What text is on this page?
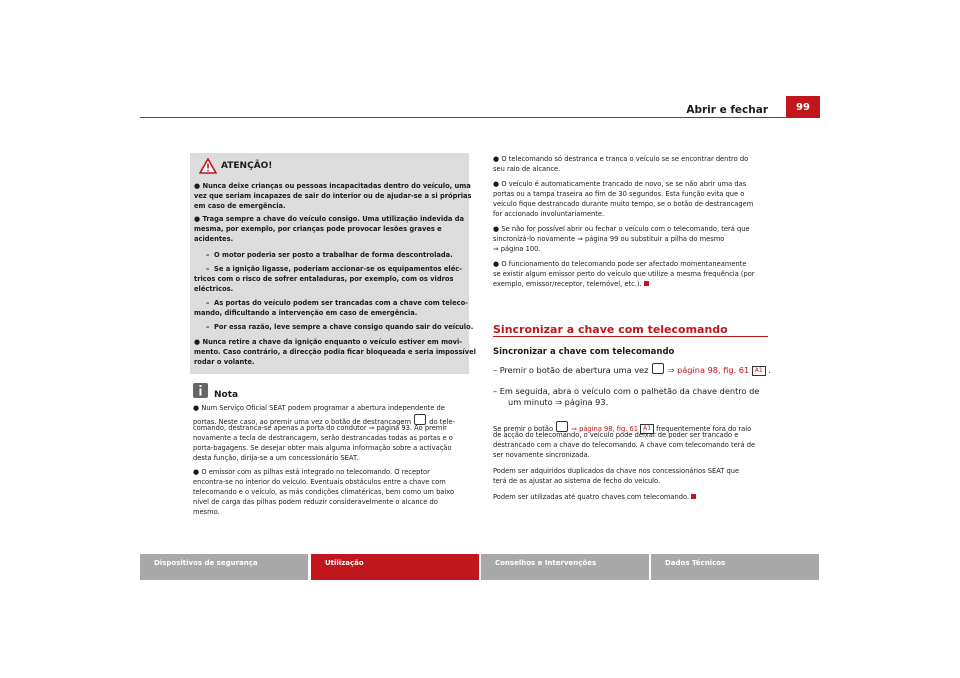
Abrir e fechar	99
ATENÇÃO!
● Nunca deixe crianças ou pessoas incapacitadas dentro do veículo, uma
vez que seriam incapazes de sair do interior ou de ajudar-se a si próprias
em caso de emergência.
● Traga sempre a chave do veículo consigo. Uma utilização indevida da
mesma, por exemplo, por crianças pode provocar lesões graves e
acidentes.
–  O motor poderia ser posto a trabalhar de forma descontrolada.
–  Se a ignição ligasse, poderiam accionar-se os equipamentos eléc-
tricos com o risco de sofrer entaladuras, por exemplo, com os vidros
eléctricos.
–  As portas do veículo podem ser trancadas com a chave com teleco-
mando, dificultando a intervenção em caso de emergência.
–  Por essa razão, leve sempre a chave consigo quando sair do veículo.
● Nunca retire a chave da ignição enquanto o veículo estiver em movi-
mento. Caso contrário, a direcção podia ficar bloqueada e seria impossível
rodar o volante.
Nota
● Num Serviço Oficial SEAT podem programar a abertura independente de
portas. Neste caso, ao premir uma vez o botão de destrancagem	do tele-
comando, destranca-se apenas a porta do condutor ⇒ página 93. Ao premir
novamente a tecla de destrancagem, serão destrancadas todas as portas e o
porta-bagagens. Se desejar obter mais alguma informação sobre a activação
desta função, dirija-se a um concessionário SEAT.
● O emissor com as pilhas está integrado no telecomando. O receptor
encontra-se no interior do veículo. Eventuais obstáculos entre a chave com
telecomando e o veículo, as más condições climatéricas, bem como um baixo
nível de carga das pilhas podem reduzir consideravelmente o alcance do
mesmo.
● O telecomando só destranca e tranca o veículo se se encontrar dentro do
seu raio de alcance.
● O veículo é automaticamente trancado de novo, se se não abrir uma das
portas ou a tampa traseira ao fim de 30 segundos. Esta função evita que o
veículo fique destrancado durante muito tempo, se o botão de destrancagem
for accionado involuntariamente.
● Se não for possível abrir ou fechar o veículo com o telecomando, terá que
sincronizá-lo novamente ⇒ página 99 ou substituir a pilha do mesmo
⇒ página 100.
● O funcionamento do telecomando pode ser afectado momentaneamente
se existir algum emissor perto do veículo que utilize a mesma frequência (por
exemplo, emissor/receptor, telemóvel, etc.).
Sincronizar a chave com telecomando
Sincronizar a chave com telecomando
– Premir o botão de abertura uma vez ⇒ página 98, fig. 61 A1 .
– Em seguida, abra o veículo com o palhetão da chave dentro de
um minuto ⇒ página 93.
Se premir o botão	⇒ página 98, fig. 61 A1 frequentemente fora do raio
de acção do telecomando, o veículo pode deixar de poder ser trancado e
destrancado com a chave do telecomando. A chave com telecomando terá de
ser novamente sincronizada.
Podem ser adquiridos duplicados da chave nos concessionários SEAT que
terá de as ajustar ao sistema de fecho do veículo.
Podem ser utilizadas até quatro chaves com telecomando.
Dispositivos de segurança	Utilização	Conselhos e Intervenções	Dados Técnicos
